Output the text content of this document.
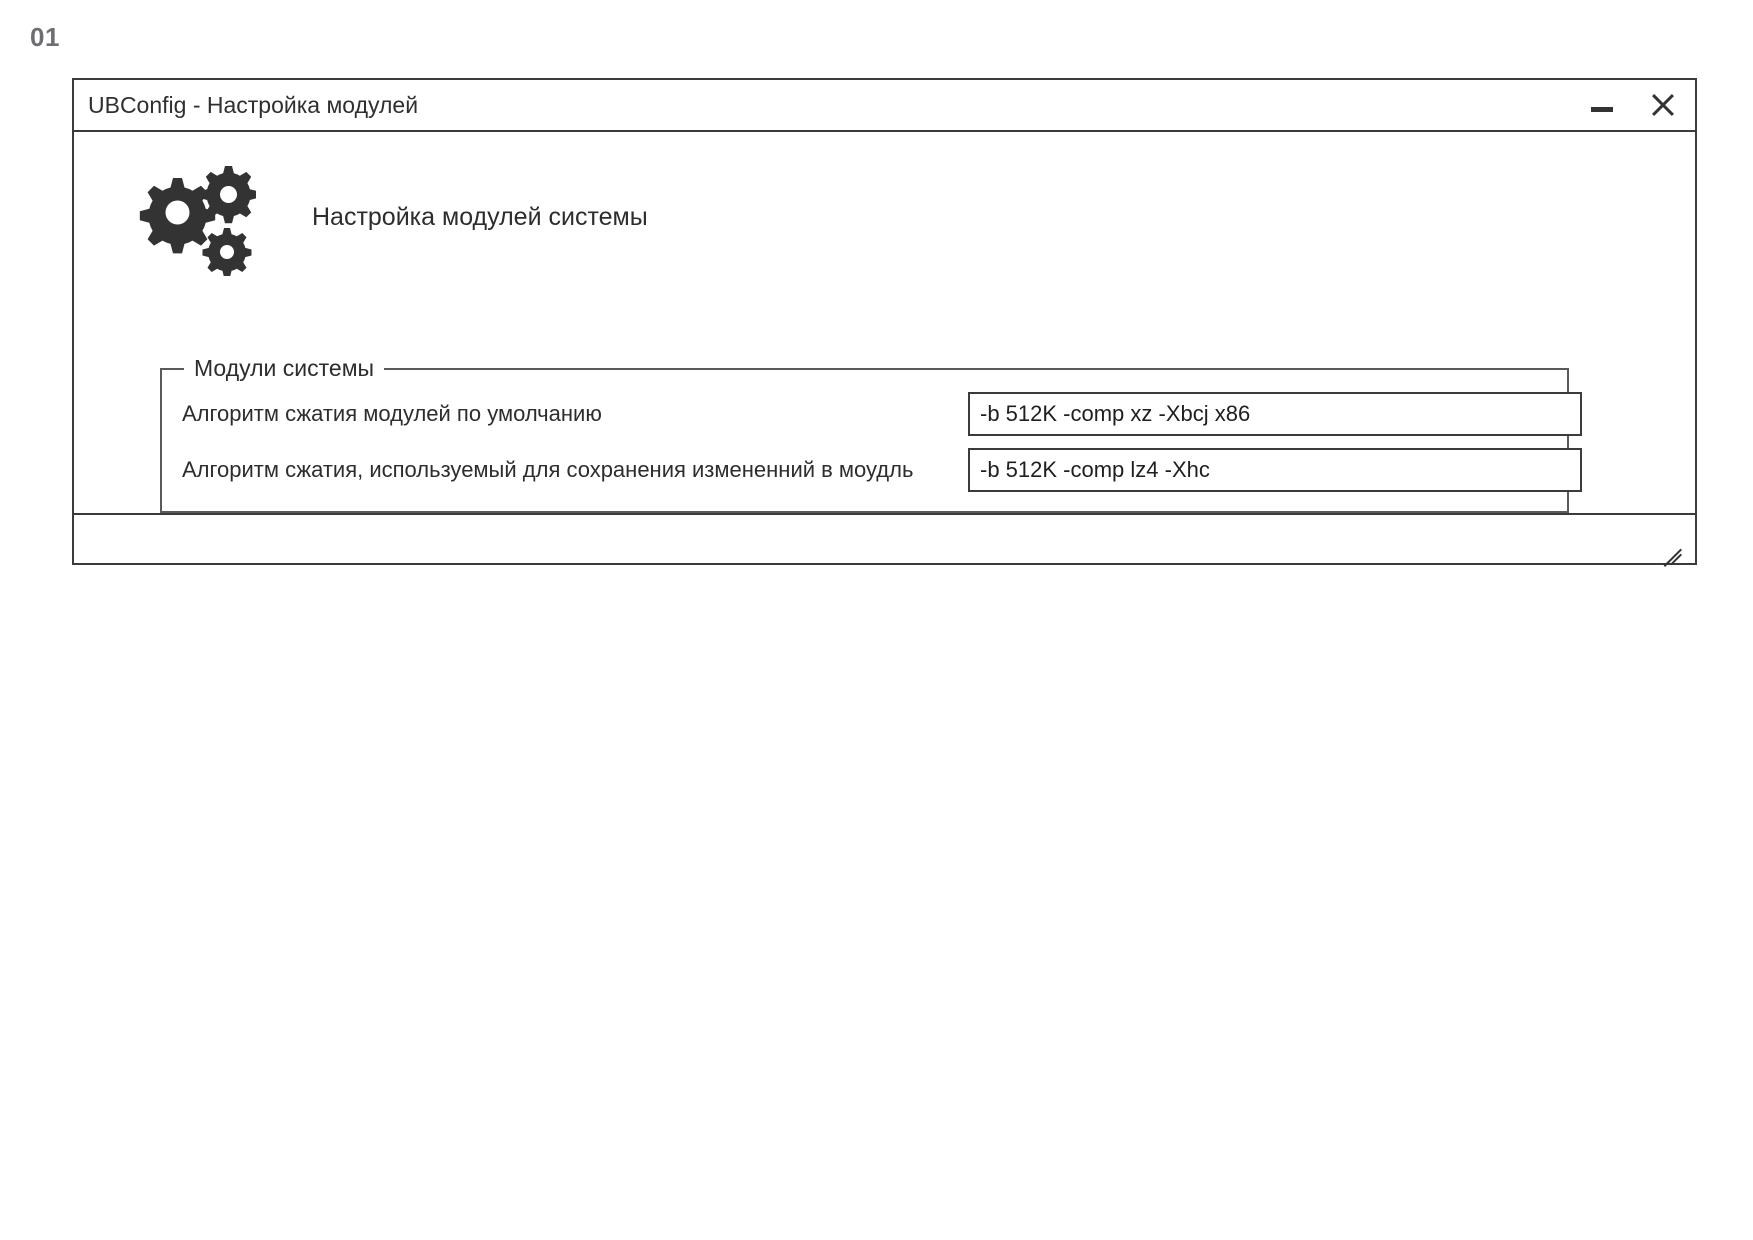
01
UBConfig - Настройка модулей
Настройка модулей системы
Модули системы
Алгоритм сжатия модулей по умолчанию
-b 512K -comp xz -Xbcj x86
Алгоритм сжатия, используемый для сохранения измененний в моудль
-b 512K -comp lz4 -Xhc
